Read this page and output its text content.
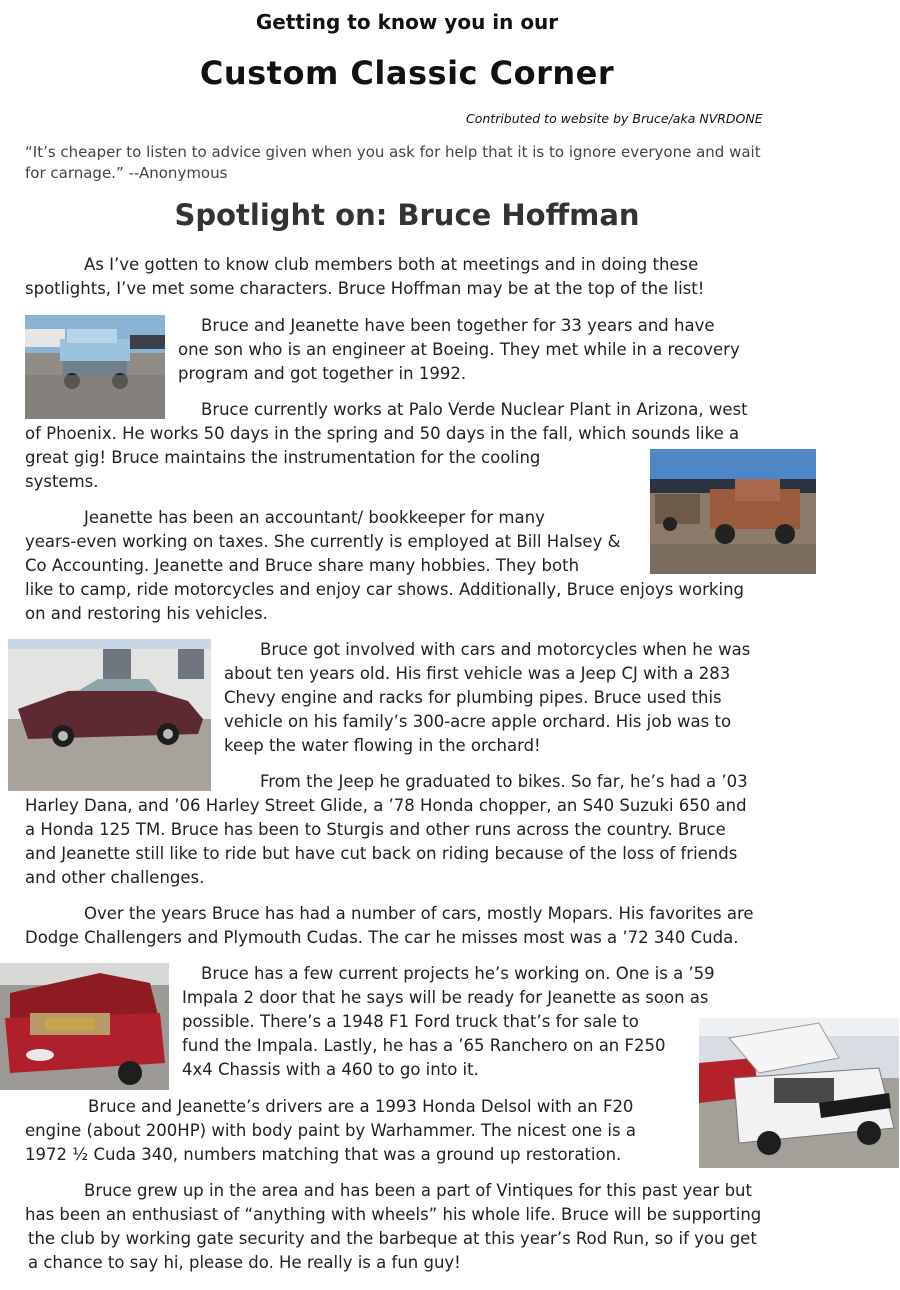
Getting to know you in our
Custom Classic Corner
Contributed to website by Bruce/aka NVRDONE
“It’s cheaper to listen to advice given when you ask for help that it is to ignore everyone and wait
for carnage.” --Anonymous
Spotlight on: Bruce Hoffman
As I’ve gotten to know club members both at meetings and in doing these
spotlights, I’ve met some characters. Bruce Hoffman may be at the top of the list!
Bruce and Jeanette have been together for 33 years and have
one son who is an engineer at Boeing. They met while in a recovery
program and got together in 1992.
Bruce currently works at Palo Verde Nuclear Plant in Arizona, west
of Phoenix. He works 50 days in the spring and 50 days in the fall, which sounds like a
great gig! Bruce maintains the instrumentation for the cooling
systems.
Jeanette has been an accountant/ bookkeeper for many
years-even working on taxes. She currently is employed at Bill Halsey &
Co Accounting. Jeanette and Bruce share many hobbies. They both
like to camp, ride motorcycles and enjoy car shows. Additionally, Bruce enjoys working
on and restoring his vehicles.
Bruce got involved with cars and motorcycles when he was
about ten years old. His first vehicle was a Jeep CJ with a 283
Chevy engine and racks for plumbing pipes. Bruce used this
vehicle on his family’s 300-acre apple orchard. His job was to
keep the water flowing in the orchard!
From the Jeep he graduated to bikes. So far, he’s had a ’03
Harley Dana, and ’06 Harley Street Glide, a ’78 Honda chopper, an S40 Suzuki 650 and
a Honda 125 TM. Bruce has been to Sturgis and other runs across the country. Bruce
and Jeanette still like to ride but have cut back on riding because of the loss of friends
and other challenges.
Over the years Bruce has had a number of cars, mostly Mopars. His favorites are
Dodge Challengers and Plymouth Cudas. The car he misses most was a ’72 340 Cuda.
Bruce has a few current projects he’s working on. One is a ’59
Impala 2 door that he says will be ready for Jeanette as soon as
possible. There’s a 1948 F1 Ford truck that’s for sale to
fund the Impala. Lastly, he has a ’65 Ranchero on an F250
4x4 Chassis with a 460 to go into it.
Bruce and Jeanette’s drivers are a 1993 Honda Delsol with an F20
engine (about 200HP) with body paint by Warhammer. The nicest one is a
1972 ½ Cuda 340, numbers matching that was a ground up restoration.
Bruce grew up in the area and has been a part of Vintiques for this past year but
has been an enthusiast of “anything with wheels” his whole life. Bruce will be supporting
the club by working gate security and the barbeque at this year’s Rod Run, so if you get
a chance to say hi, please do. He really is a fun guy!
